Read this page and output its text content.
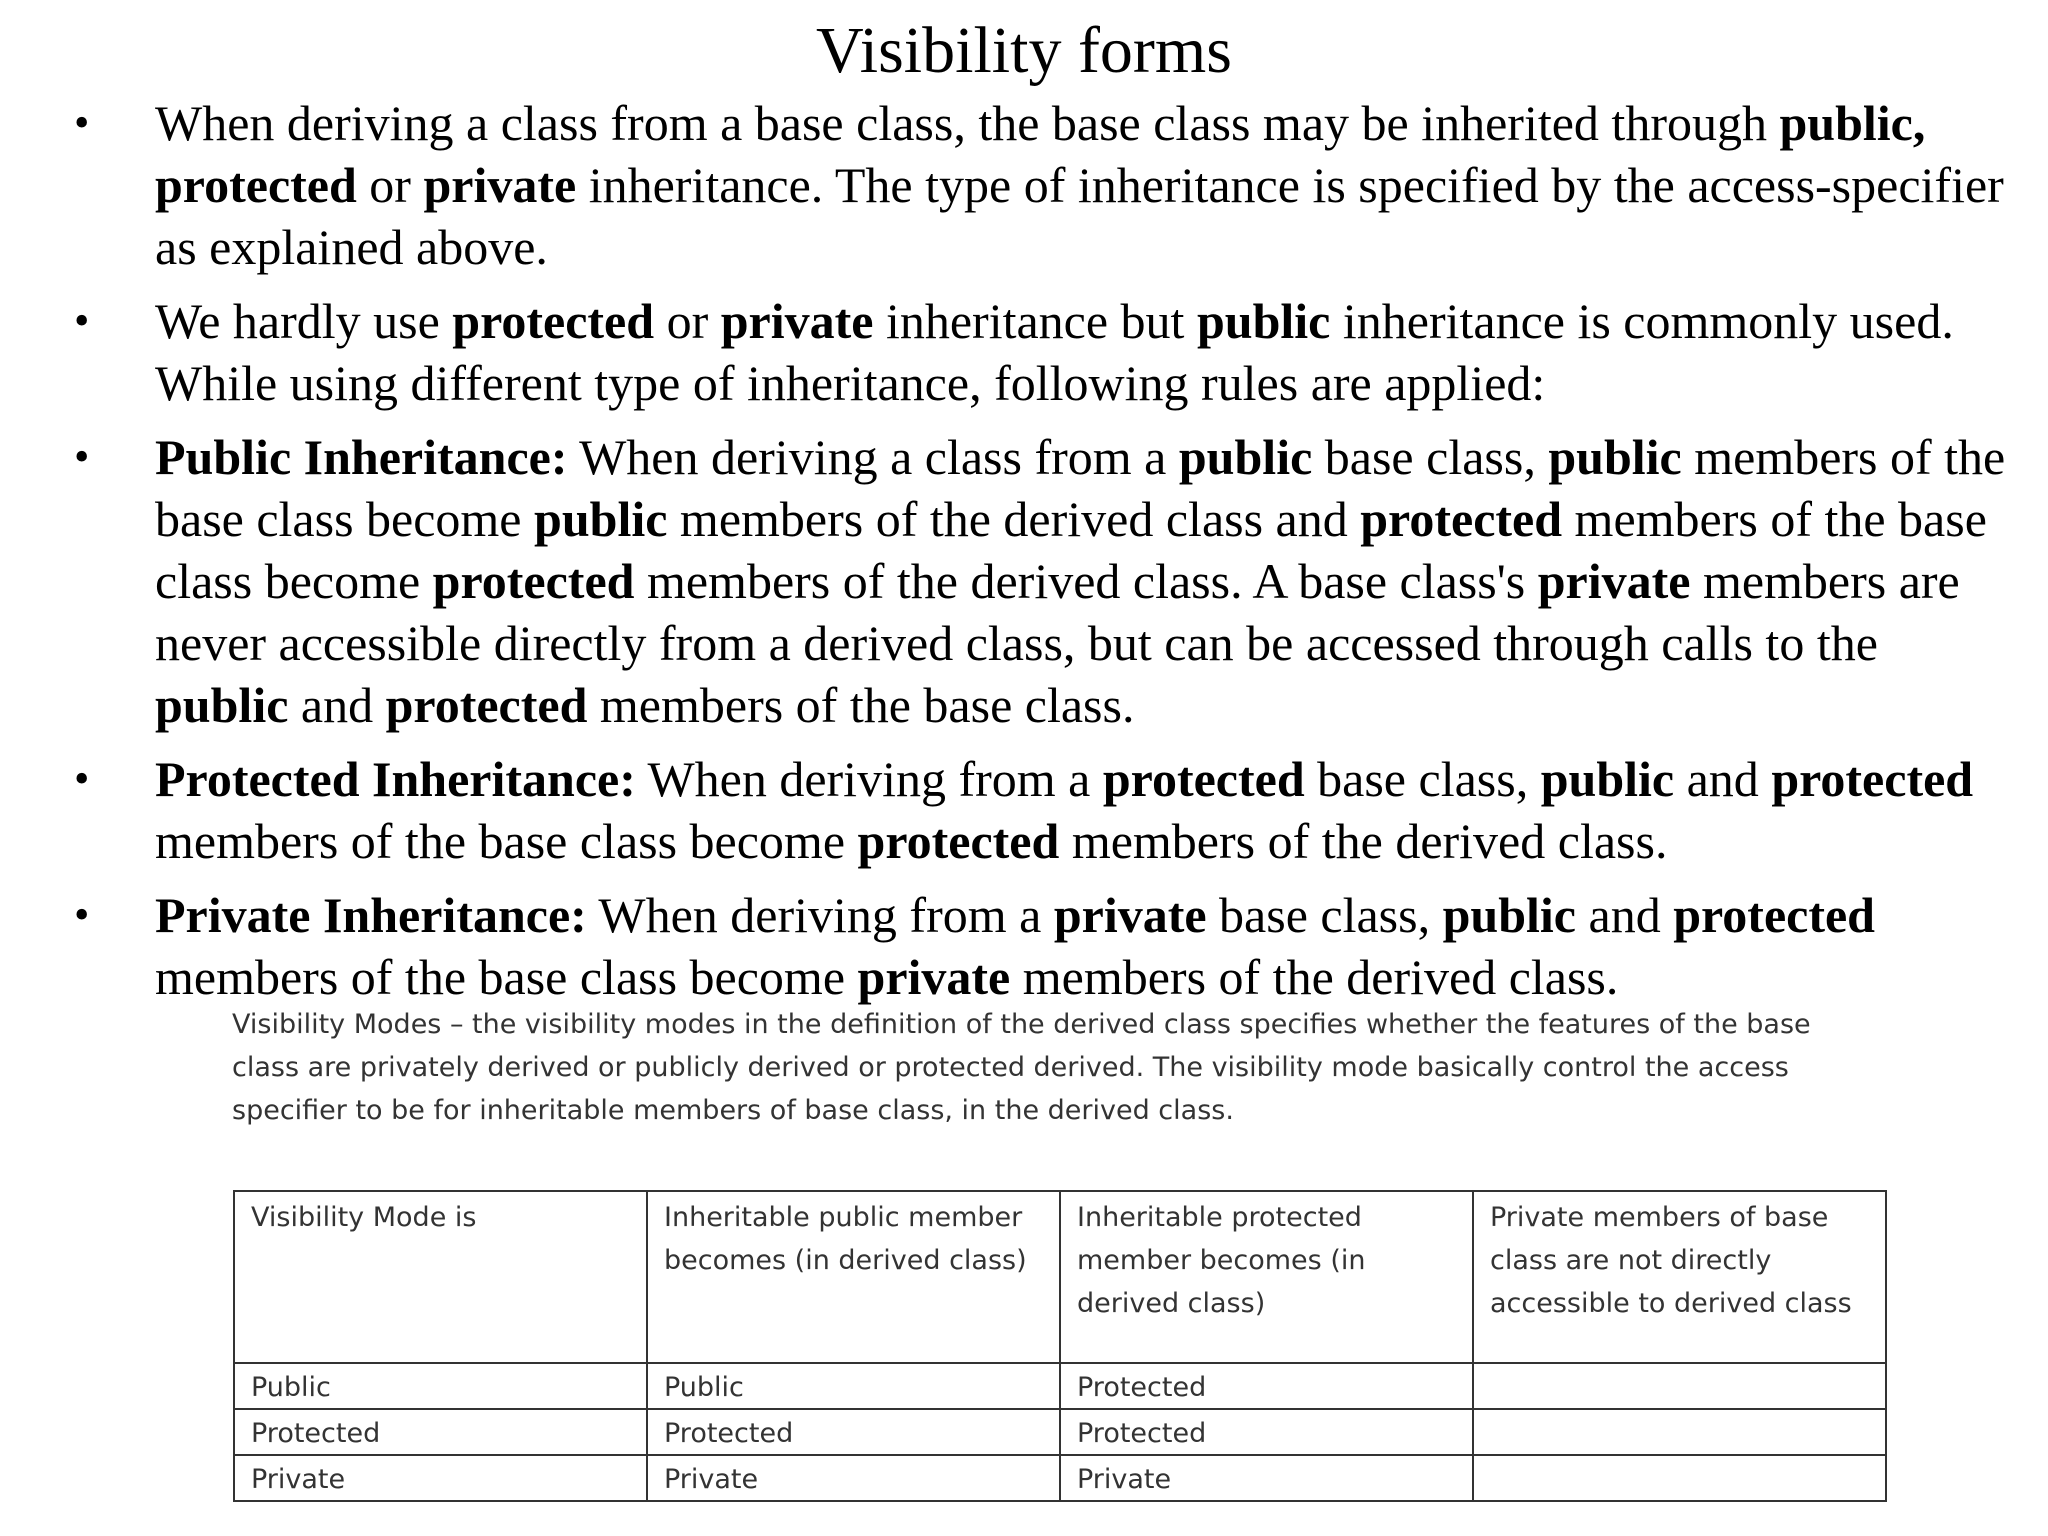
Visibility forms
• When deriving a class from a base class, the base class may be inherited through public, protected or private inheritance. The type of inheritance is specified by the access-specifier as explained above.
• We hardly use protected or private inheritance but public inheritance is commonly used. While using different type of inheritance, following rules are applied:
• Public Inheritance: When deriving a class from a public base class, public members of the base class become public members of the derived class and protected members of the base class become protected members of the derived class. A base class's private members are never accessible directly from a derived class, but can be accessed through calls to the public and protected members of the base class.
• Protected Inheritance: When deriving from a protected base class, public and protected members of the base class become protected members of the derived class.
• Private Inheritance: When deriving from a private base class, public and protected members of the base class become private members of the derived class.

Visibility Modes – the visibility modes in the definition of the derived class specifies whether the features of the base class are privately derived or publicly derived or protected derived. The visibility mode basically control the access specifier to be for inheritable members of base class, in the derived class.

Visibility Mode is	Inheritable public member becomes (in derived class)	Inheritable protected member becomes (in derived class)	Private members of base class are not directly accessible to derived class
Public	Public	Protected	
Protected	Protected	Protected	
Private	Private	Private	
